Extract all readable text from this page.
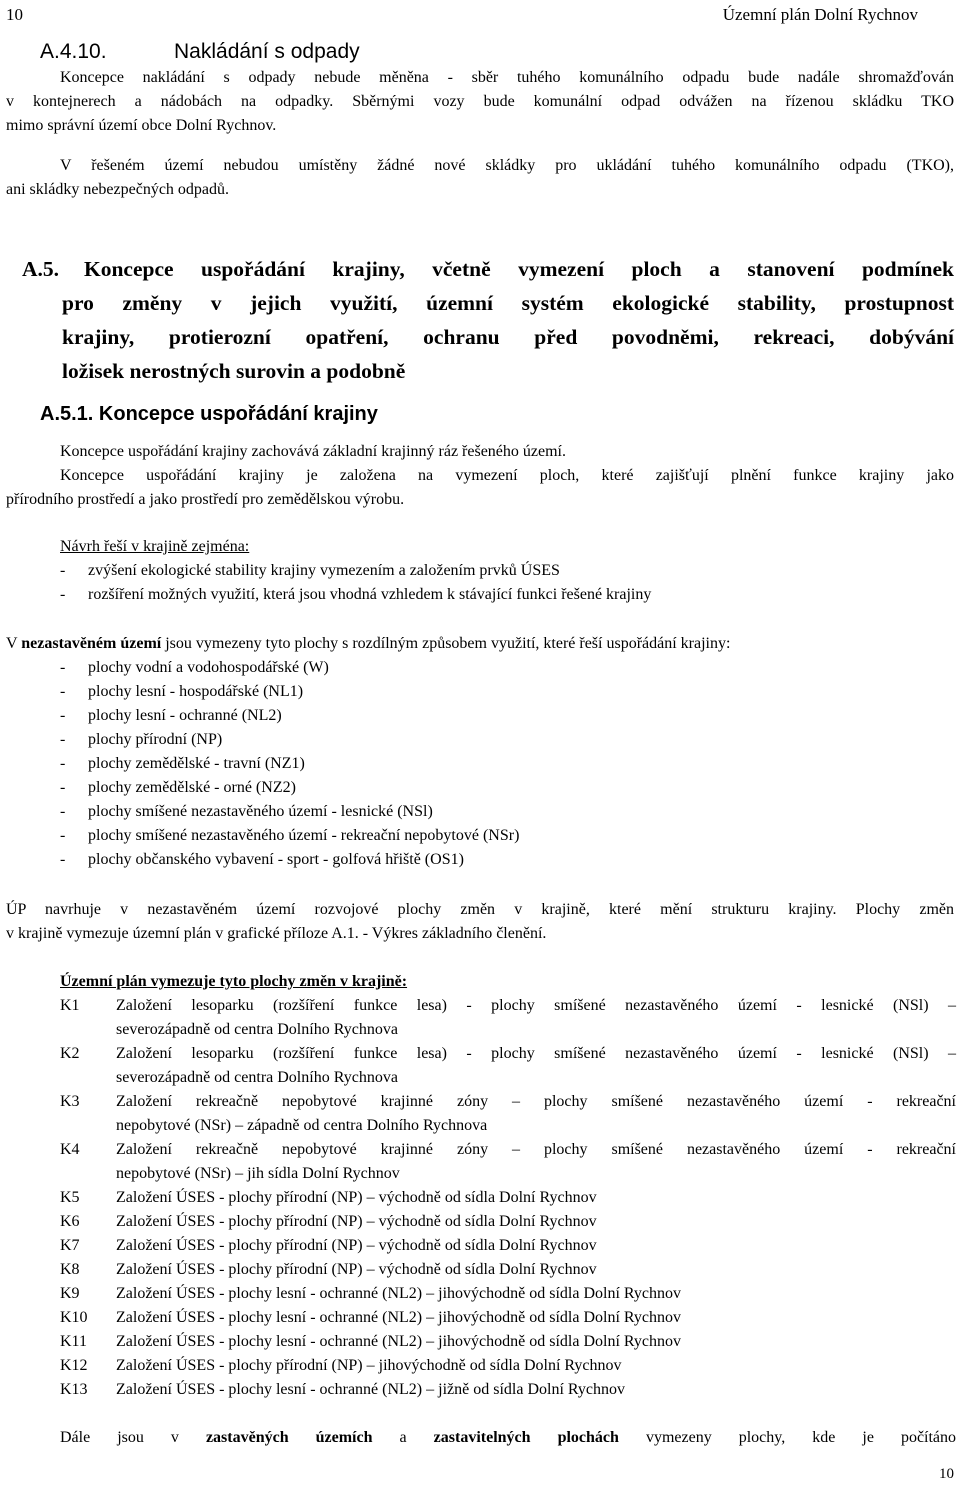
10	Územní plán Dolní Rychnov
A.4.10.	Nakládání s odpady
Koncepce nakládání s odpady nebude měněna - sběr tuhého komunálního odpadu bude nadále shromažďován
v kontejnerech a nádobách na odpadky. Sběrnými vozy bude komunální odpad odvážen na řízenou skládku TKO
mimo správní území obce Dolní Rychnov.
V řešeném území nebudou umístěny žádné nové skládky pro ukládání tuhého komunálního odpadu (TKO),
ani skládky nebezpečných odpadů.
A.5. Koncepce uspořádání krajiny, včetně vymezení ploch a stanovení podmínek
pro změny v jejich využití, územní systém ekologické stability, prostupnost
krajiny, protierozní opatření, ochranu před povodněmi, rekreaci, dobývání
ložisek nerostných surovin a podobně
A.5.1. Koncepce uspořádání krajiny
Koncepce uspořádání krajiny zachovává základní krajinný ráz řešeného území.
Koncepce uspořádání krajiny je založena na vymezení ploch, které zajišťují plnění funkce krajiny jako
přírodního prostředí a jako prostředí pro zemědělskou výrobu.
Návrh řeší v krajině zejména:
- zvýšení ekologické stability krajiny vymezením a založením prvků ÚSES
- rozšíření možných využití, která jsou vhodná vzhledem k stávající funkci řešené krajiny
V nezastavěném území jsou vymezeny tyto plochy s rozdílným způsobem využití, které řeší uspořádání krajiny:
- plochy vodní a vodohospodářské (W)
- plochy lesní - hospodářské (NL1)
- plochy lesní - ochranné (NL2)
- plochy přírodní (NP)
- plochy zemědělské - travní (NZ1)
- plochy zemědělské - orné (NZ2)
- plochy smíšené nezastavěného území - lesnické (NSl)
- plochy smíšené nezastavěného území - rekreační nepobytové (NSr)
- plochy občanského vybavení - sport - golfová hřiště (OS1)
ÚP navrhuje v nezastavěném území rozvojové plochy změn v krajině, které mění strukturu krajiny. Plochy změn
v krajině vymezuje územní plán v grafické příloze A.1. - Výkres základního členění.
Územní plán vymezuje tyto plochy změn v krajině:
K1	Založení lesoparku (rozšíření funkce lesa) - plochy smíšené nezastavěného území - lesnické (NSl) –
severozápadně od centra Dolního Rychnova
K2	Založení lesoparku (rozšíření funkce lesa) - plochy smíšené nezastavěného území - lesnické (NSl) –
severozápadně od centra Dolního Rychnova
K3	Založení rekreačně nepobytové krajinné zóny – plochy smíšené nezastavěného území - rekreační
nepobytové (NSr) – západně od centra Dolního Rychnova
K4	Založení rekreačně nepobytové krajinné zóny – plochy smíšené nezastavěného území - rekreační
nepobytové (NSr) – jih sídla Dolní Rychnov
K5	Založení ÚSES - plochy přírodní (NP) – východně od sídla Dolní Rychnov
K6	Založení ÚSES - plochy přírodní (NP) – východně od sídla Dolní Rychnov
K7	Založení ÚSES - plochy přírodní (NP) – východně od sídla Dolní Rychnov
K8	Založení ÚSES - plochy přírodní (NP) – východně od sídla Dolní Rychnov
K9	Založení ÚSES - plochy lesní - ochranné (NL2) – jihovýchodně od sídla Dolní Rychnov
K10	Založení ÚSES - plochy lesní - ochranné (NL2) – jihovýchodně od sídla Dolní Rychnov
K11	Založení ÚSES - plochy lesní - ochranné (NL2) – jihovýchodně od sídla Dolní Rychnov
K12	Založení ÚSES - plochy přírodní (NP) – jihovýchodně od sídla Dolní Rychnov
K13	Založení ÚSES - plochy lesní - ochranné (NL2) – jižně od sídla Dolní Rychnov
Dále jsou v zastavěných územích a zastavitelných plochách vymezeny plochy, kde je počítáno
10
